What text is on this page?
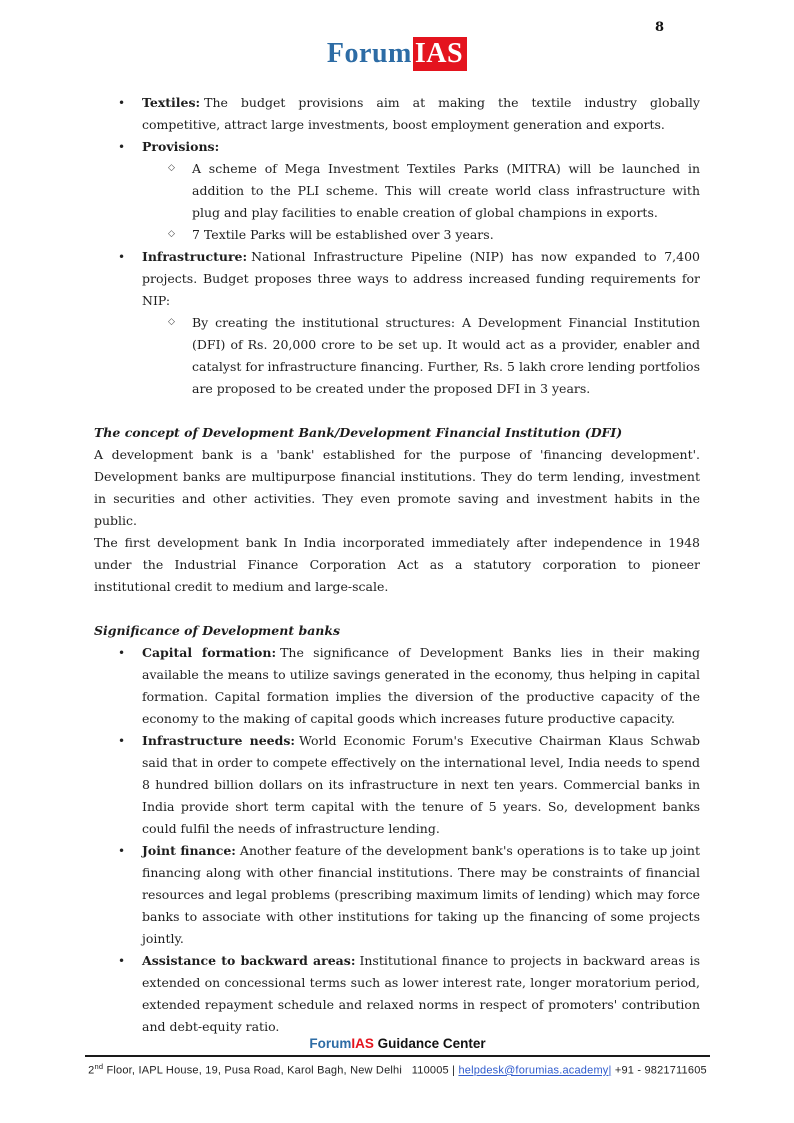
Forum IAS
8
•
Textiles: The budget provisions aim at making the textile industry globally competitive, attract large investments, boost employment generation and exports.
•
Provisions:
◇
A scheme of Mega Investment Textiles Parks (MITRA) will be launched in addition to the PLI scheme. This will create world class infrastructure with plug and play facilities to enable creation of global champions in exports.
◇
7 Textile Parks will be established over 3 years.
•
Infrastructure: National Infrastructure Pipeline (NIP) has now expanded to 7,400 projects. Budget proposes three ways to address increased funding requirements for NIP:
◇
By creating the institutional structures: A Development Financial Institution (DFI) of Rs. 20,000 crore to be set up. It would act as a provider, enabler and catalyst for infrastructure financing. Further, Rs. 5 lakh crore lending portfolios are proposed to be created under the proposed DFI in 3 years.
The concept of Development Bank/Development Financial Institution (DFI)
A development bank is a 'bank' established for the purpose of 'financing development'. Development banks are multipurpose financial institutions. They do term lending, investment in securities and other activities. They even promote saving and investment habits in the public.
The first development bank In India incorporated immediately after independence in 1948 under the Industrial Finance Corporation Act as a statutory corporation to pioneer institutional credit to medium and large-scale.
Significance of Development banks
•
Capital formation: The significance of Development Banks lies in their making available the means to utilize savings generated in the economy, thus helping in capital formation. Capital formation implies the diversion of the productive capacity of the economy to the making of capital goods which increases future productive capacity.
•
Infrastructure needs: World Economic Forum's Executive Chairman Klaus Schwab said that in order to compete effectively on the international level, India needs to spend 8 hundred billion dollars on its infrastructure in next ten years. Commercial banks in India provide short term capital with the tenure of 5 years. So, development banks could fulfil the needs of infrastructure lending.
•
Joint finance: Another feature of the development bank's operations is to take up joint financing along with other financial institutions. There may be constraints of financial resources and legal problems (prescribing maximum limits of lending) which may force banks to associate with other institutions for taking up the financing of some projects jointly.
•
Assistance to backward areas: Institutional finance to projects in backward areas is extended on concessional terms such as lower interest rate, longer moratorium period, extended repayment schedule and relaxed norms in respect of promoters' contribution and debt-equity ratio.
ForumIAS Guidance Center
2nd Floor, IAPL House, 19, Pusa Road, Karol Bagh, New Delhi   110005 | helpdesk@forumias.academy| +91 - 9821711605
